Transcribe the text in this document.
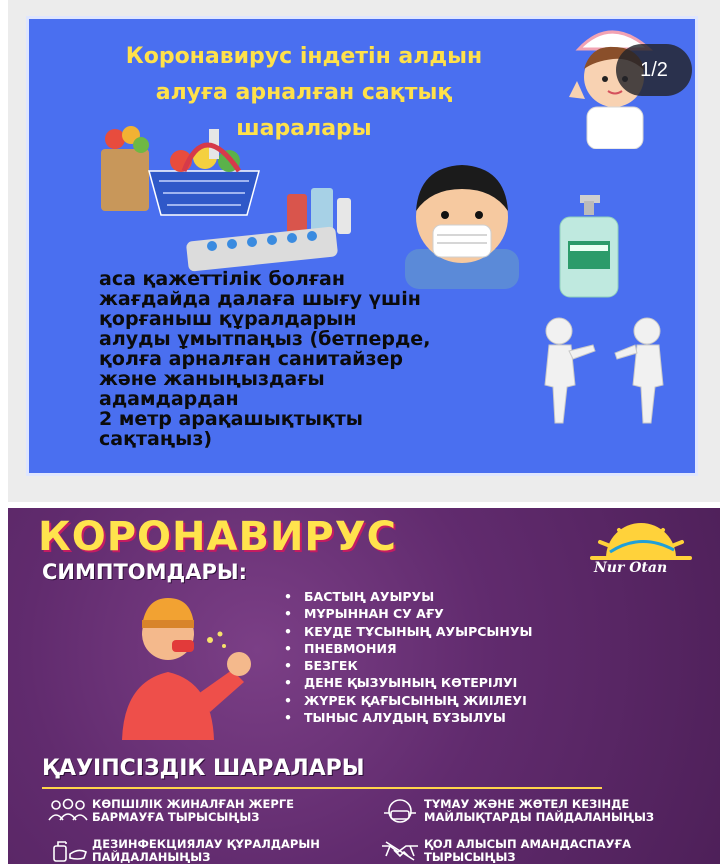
Коронавирус індетін алдын
алуға арналған сақтық
шаралары
аса қажеттілік болған
жағдайда далаға шығу үшін
қорғаныш құралдарын
алуды ұмытпаңыз (бетперде,
қолға арналған санитайзер
және жаныңыздағы
адамдардан
2 метр арақашықтықты
сақтаңыз)
1/2
КОРОНАВИРУС
СИМПТОМДАРЫ:	Nur Otan
• БАСТЫҢ АУЫРУЫ
• МҰРЫННАН СУ АҒУ
• КЕУДЕ ТҰСЫНЫҢ АУЫРСЫНУЫ
• ПНЕВМОНИЯ
• БЕЗГЕК
• ДЕНЕ ҚЫЗУЫНЫҢ КӨТЕРІЛУІ
• ЖҮРЕК ҚАҒЫСЫНЫҢ ЖИІЛЕУІ
• ТЫНЫС АЛУДЫҢ БҰЗЫЛУЫ
ҚАУІПСІЗДІК ШАРАЛАРЫ
КӨПШІЛІК ЖИНАЛҒАН ЖЕРГЕ
БАРМАУҒА ТЫРЫСЫҢЫЗ
ТҰМАУ ЖӘНЕ ЖӨТЕЛ КЕЗІНДЕ
МАЙЛЫҚТАРДЫ ПАЙДАЛАНЫҢЫЗ
ДЕЗИНФЕКЦИЯЛАУ ҚҰРАЛДАРЫН
ПАЙДАЛАНЫҢЫЗ
ҚОЛ АЛЫСЫП АМАНДАСПАУҒА
ТЫРЫСЫҢЫЗ
